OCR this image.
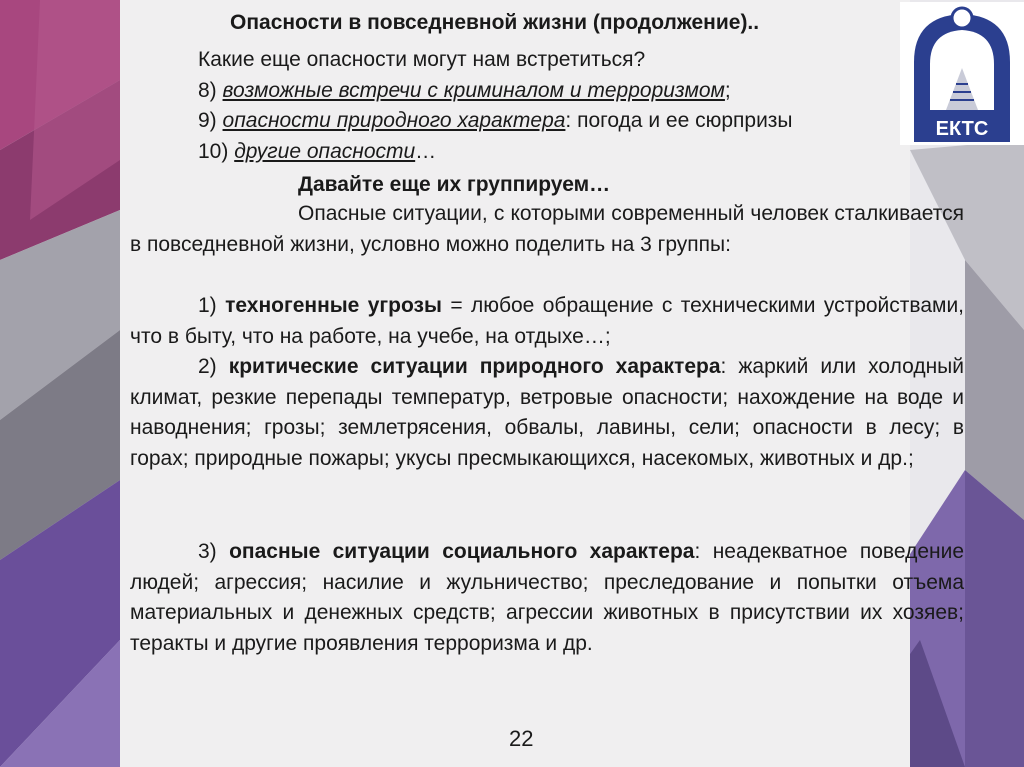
ЕКТС

Опасности в повседневной жизни (продолжение)..

Какие еще опасности могут нам встретиться?

8) возможные встречи с криминалом и терроризмом;

9) опасности природного характера: погода и ее сюрпризы

10) другие опасности…

Давайте еще их группируем…

Опасные ситуации, с которыми современный человек сталкивается в повседневной жизни, условно можно поделить на 3 группы:

1) техногенные угрозы = любое обращение с техническими устройствами, что в быту, что на работе, на учебе, на отдыхе…;

2) критические ситуации природного характера: жаркий или холодный климат, резкие перепады температур, ветровые опасности; нахождение на воде и наводнения; грозы; землетрясения, обвалы, лавины, сели; опасности в лесу; в горах; природные пожары; укусы пресмыкающихся, насекомых, животных и др.;

3) опасные ситуации социального характера: неадекватное поведение людей; агрессия; насилие и жульничество; преследование и попытки отъема материальных и денежных средств; агрессии животных в присутствии их хозяев; теракты и другие проявления терроризма и др.

22
